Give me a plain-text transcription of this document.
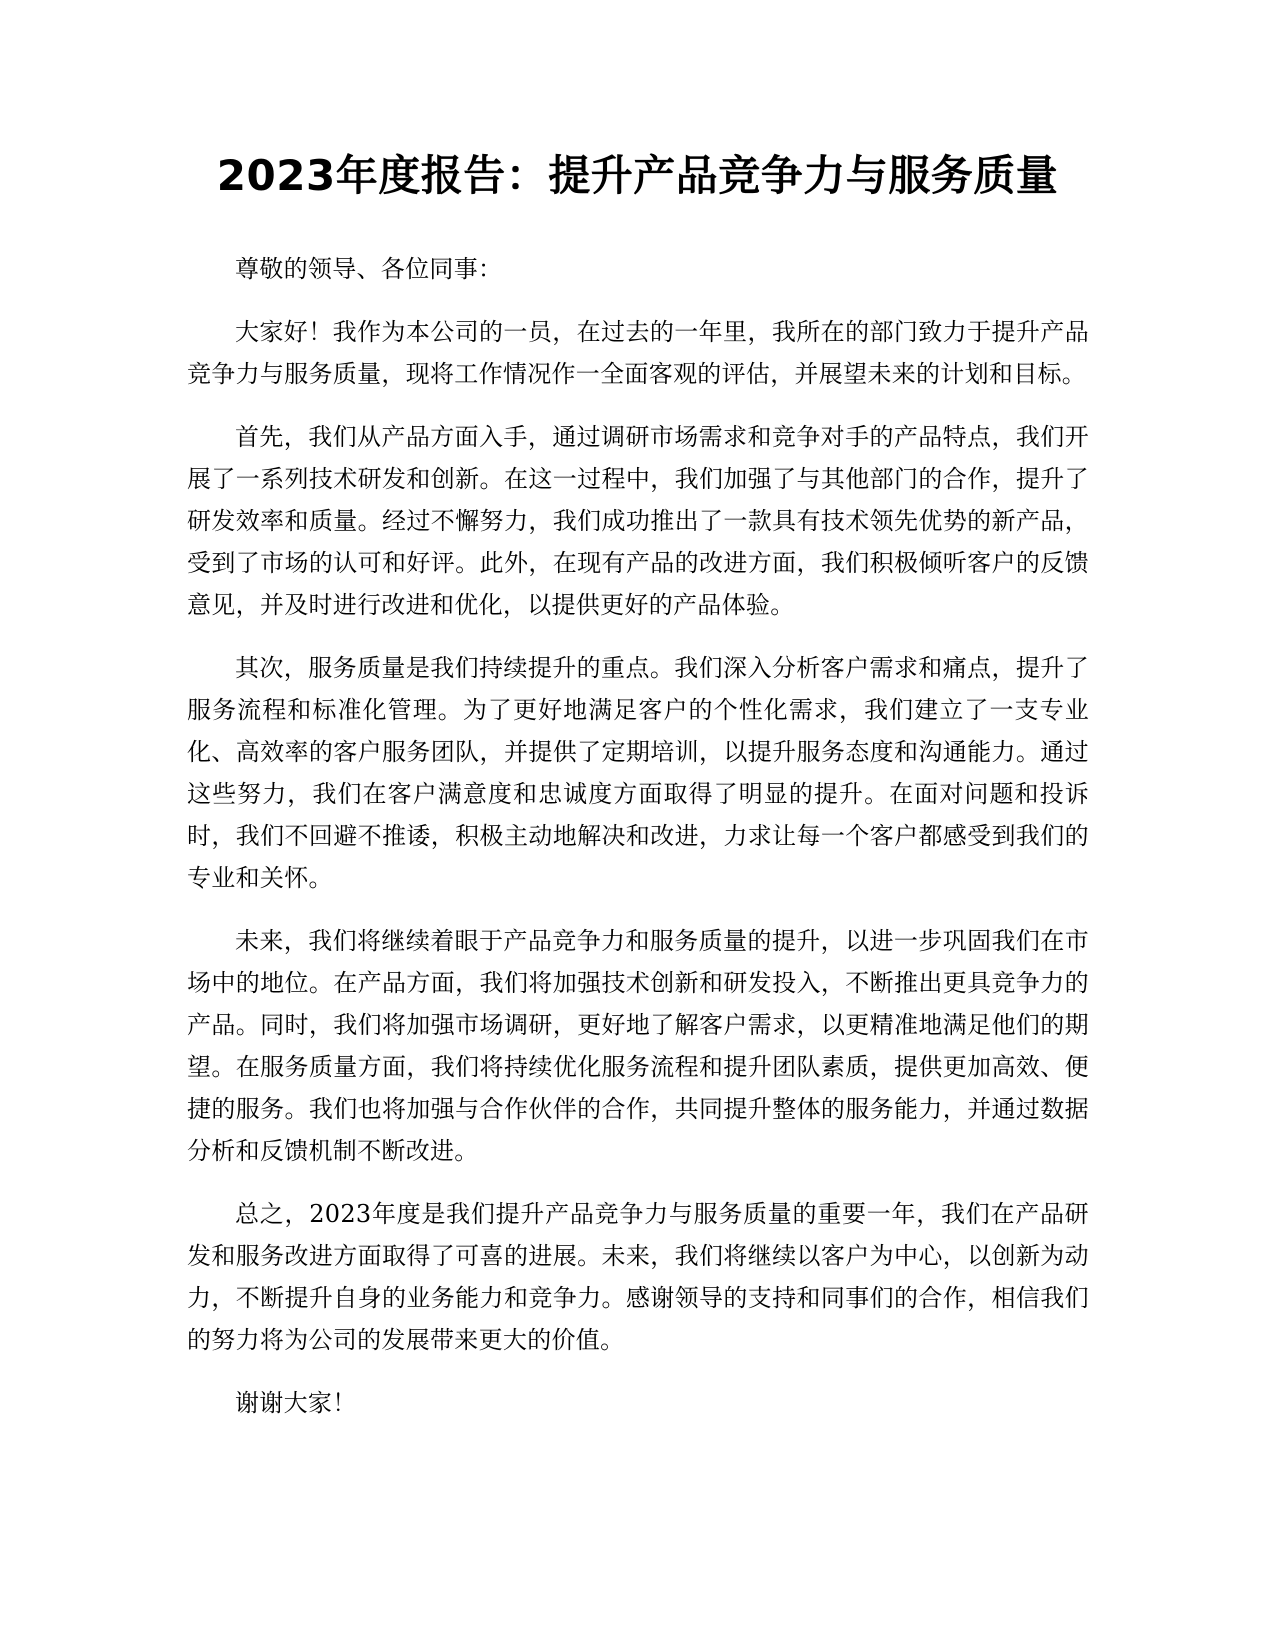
2023年度报告：提升产品竞争力与服务质量

尊敬的领导、各位同事：

大家好！我作为本公司的一员，在过去的一年里，我所在的部门致力于提升产品竞争力与服务质量，现将工作情况作一全面客观的评估，并展望未来的计划和目标。

首先，我们从产品方面入手，通过调研市场需求和竞争对手的产品特点，我们开展了一系列技术研发和创新。在这一过程中，我们加强了与其他部门的合作，提升了研发效率和质量。经过不懈努力，我们成功推出了一款具有技术领先优势的新产品，受到了市场的认可和好评。此外，在现有产品的改进方面，我们积极倾听客户的反馈意见，并及时进行改进和优化，以提供更好的产品体验。

其次，服务质量是我们持续提升的重点。我们深入分析客户需求和痛点，提升了服务流程和标准化管理。为了更好地满足客户的个性化需求，我们建立了一支专业化、高效率的客户服务团队，并提供了定期培训，以提升服务态度和沟通能力。通过这些努力，我们在客户满意度和忠诚度方面取得了明显的提升。在面对问题和投诉时，我们不回避不推诿，积极主动地解决和改进，力求让每一个客户都感受到我们的专业和关怀。

未来，我们将继续着眼于产品竞争力和服务质量的提升，以进一步巩固我们在市场中的地位。在产品方面，我们将加强技术创新和研发投入，不断推出更具竞争力的产品。同时，我们将加强市场调研，更好地了解客户需求，以更精准地满足他们的期望。在服务质量方面，我们将持续优化服务流程和提升团队素质，提供更加高效、便捷的服务。我们也将加强与合作伙伴的合作，共同提升整体的服务能力，并通过数据分析和反馈机制不断改进。

总之，2023年度是我们提升产品竞争力与服务质量的重要一年，我们在产品研发和服务改进方面取得了可喜的进展。未来，我们将继续以客户为中心，以创新为动力，不断提升自身的业务能力和竞争力。感谢领导的支持和同事们的合作，相信我们的努力将为公司的发展带来更大的价值。

谢谢大家！
